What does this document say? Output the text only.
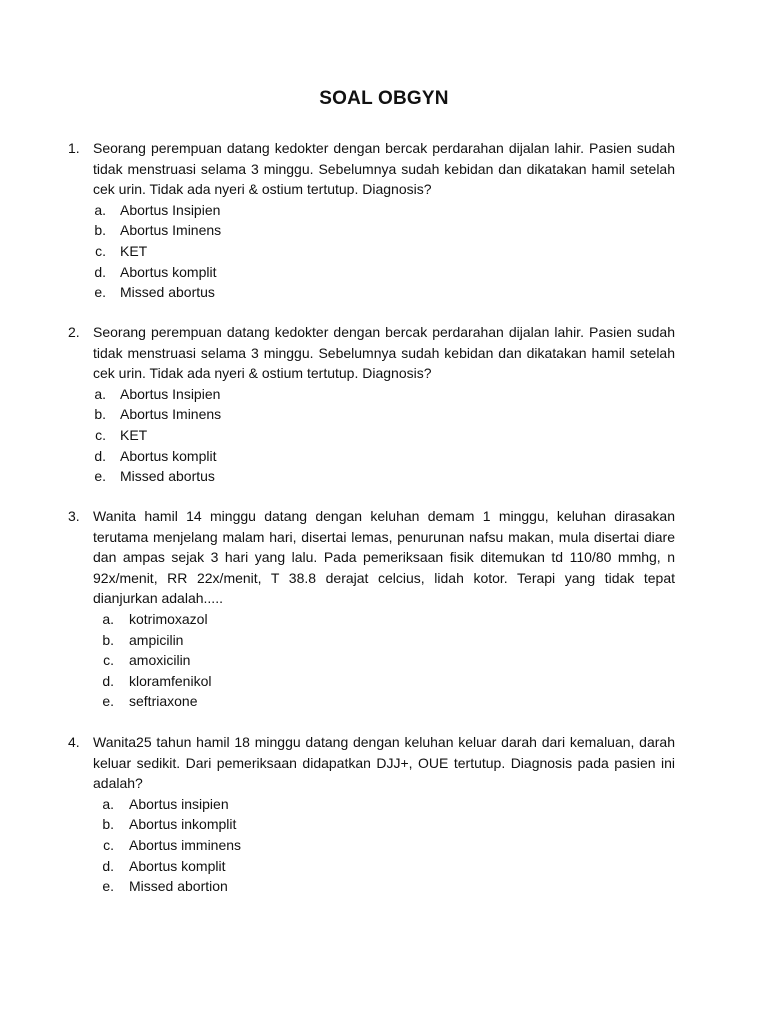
SOAL OBGYN
1. Seorang perempuan datang kedokter dengan bercak perdarahan dijalan lahir. Pasien sudah tidak menstruasi selama 3 minggu. Sebelumnya sudah kebidan dan dikatakan hamil setelah cek urin. Tidak ada nyeri & ostium tertutup. Diagnosis?
a. Abortus Insipien
b. Abortus Iminens
c. KET
d. Abortus komplit
e. Missed abortus
2. Seorang perempuan datang kedokter dengan bercak perdarahan dijalan lahir. Pasien sudah tidak menstruasi selama 3 minggu. Sebelumnya sudah kebidan dan dikatakan hamil setelah cek urin. Tidak ada nyeri & ostium tertutup. Diagnosis?
a. Abortus Insipien
b. Abortus Iminens
c. KET
d. Abortus komplit
e. Missed abortus
3. Wanita hamil 14 minggu datang dengan keluhan demam 1 minggu, keluhan dirasakan terutama menjelang malam hari, disertai lemas, penurunan nafsu makan, mula disertai diare dan ampas sejak 3 hari yang lalu. Pada pemeriksaan fisik ditemukan td 110/80 mmhg, n 92x/menit, RR 22x/menit, T 38.8 derajat celcius, lidah kotor. Terapi yang tidak tepat dianjurkan adalah.....
a. kotrimoxazol
b. ampicilin
c. amoxicilin
d. kloramfenikol
e. seftriaxone
4. Wanita25 tahun hamil 18 minggu datang dengan keluhan keluar darah dari kemaluan, darah keluar sedikit. Dari pemeriksaan didapatkan DJJ+, OUE tertutup. Diagnosis pada pasien ini adalah?
a. Abortus insipien
b. Abortus inkomplit
c. Abortus imminens
d. Abortus komplit
e. Missed abortion
